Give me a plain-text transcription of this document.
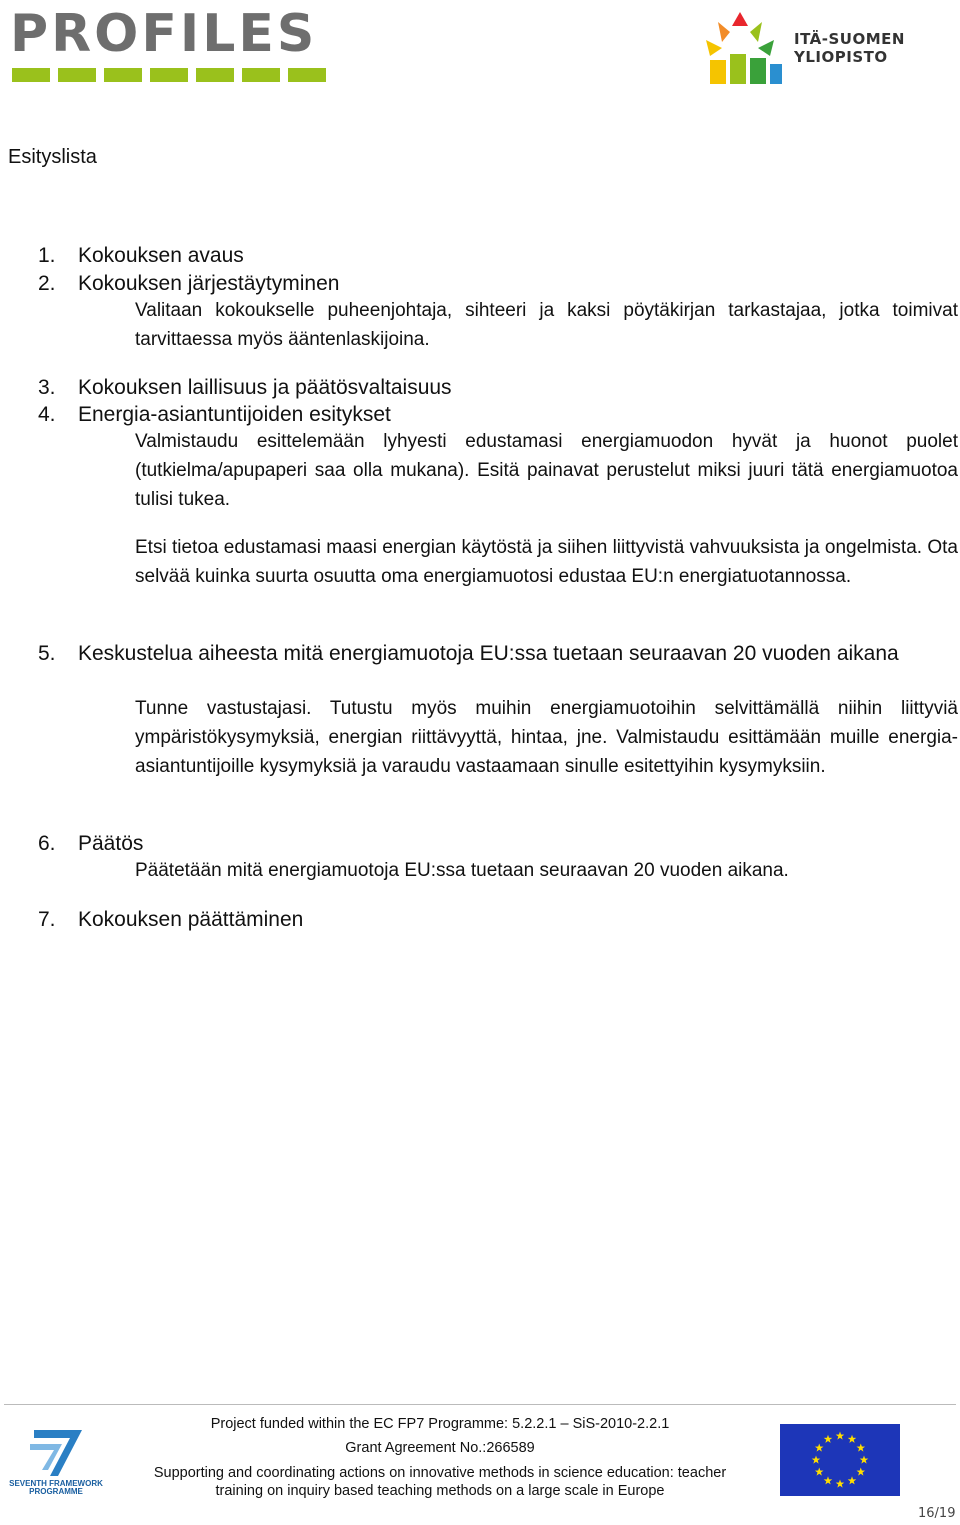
PROFILES	ITÄ-SUOMEN
YLIOPISTO
Esityslista
1. Kokouksen avaus
2. Kokouksen järjestäytyminen
Valitaan kokoukselle puheenjohtaja, sihteeri ja kaksi pöytäkirjan tarkastajaa, jotka toimivat tarvittaessa myös ääntenlaskijoina.
3. Kokouksen laillisuus ja päätösvaltaisuus
4. Energia-asiantuntijoiden esitykset
Valmistaudu esittelemään lyhyesti edustamasi energiamuodon hyvät ja huonot puolet (tutkielma/apupaperi saa olla mukana). Esitä painavat perustelut miksi juuri tätä energiamuotoa tulisi tukea.
Etsi tietoa edustamasi maasi energian käytöstä ja siihen liittyvistä vahvuuksista ja ongelmista. Ota selvää kuinka suurta osuutta oma energiamuotosi edustaa EU:n energiatuotannossa.
5.	Keskustelua aiheesta mitä energiamuotoja EU:ssa tuetaan seuraavan 20 vuoden aikana
Tunne vastustajasi. Tutustu myös muihin energiamuotoihin selvittämällä niihin liittyviä ympäristökysymyksiä, energian riittävyyttä, hintaa, jne. Valmistaudu esittämään muille energia-asiantuntijoille kysymyksiä ja varaudu vastaamaan sinulle esitettyihin kysymyksiin.
6. Päätös
Päätetään mitä energiamuotoja EU:ssa tuetaan seuraavan 20 vuoden aikana.
7. Kokouksen päättäminen
SEVENTH FRAMEWORK
PROGRAMME
Project funded within the EC FP7 Programme: 5.2.2.1 – SiS-2010-2.2.1
Grant Agreement No.:266589
Supporting and coordinating actions on innovative methods in science education: teacher
training on inquiry based teaching methods on a large scale in Europe
16/19
